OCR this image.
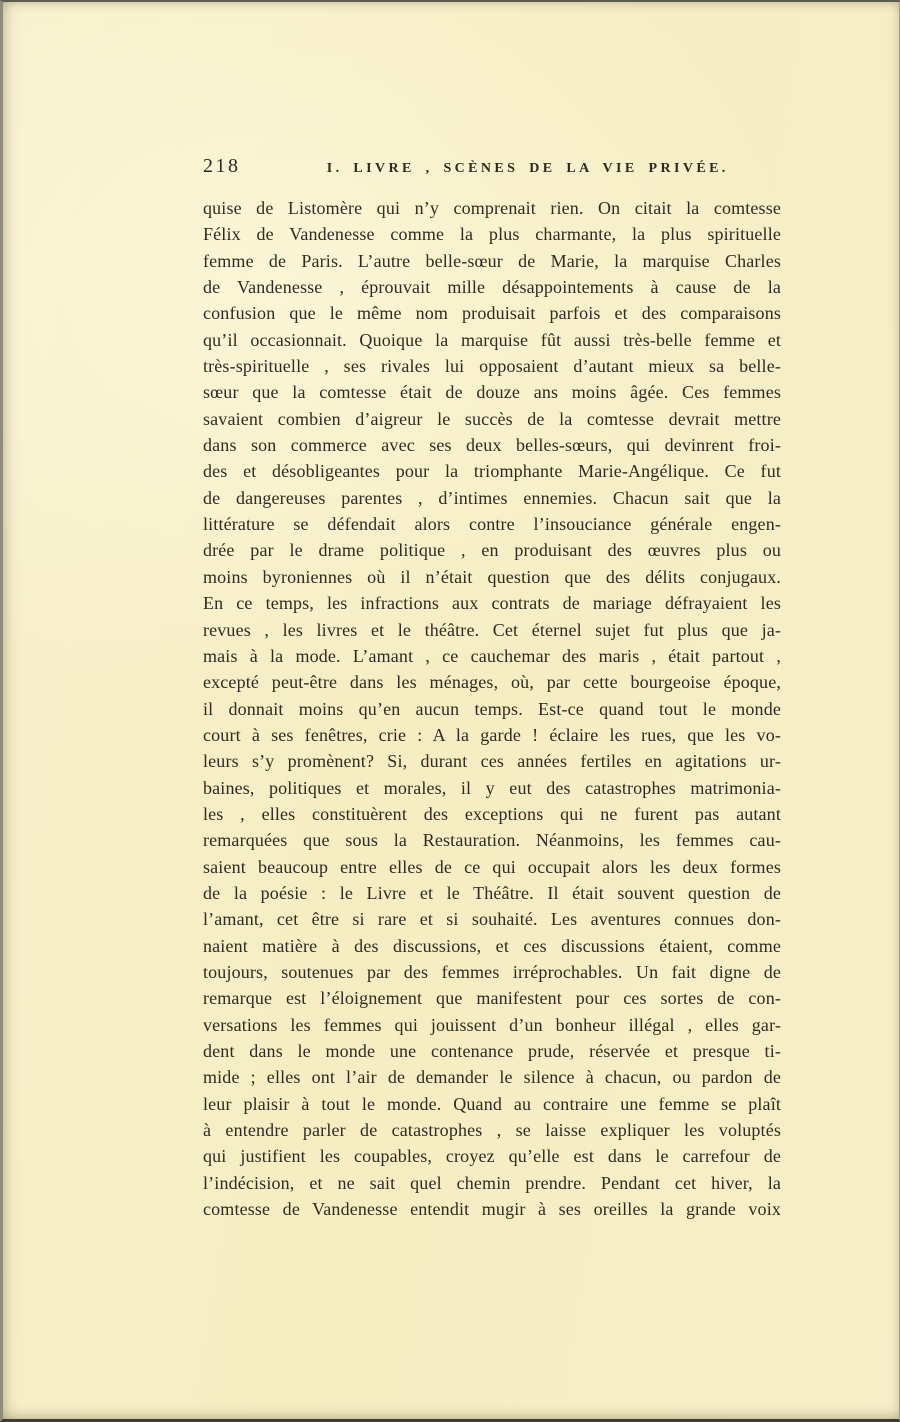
218	I. LIVRE , SCÈNES DE LA VIE PRIVÉE.
quise de Listomère qui n’y comprenait rien. On citait la comtesse
Félix de Vandenesse comme la plus charmante, la plus spirituelle
femme de Paris. L’autre belle-sœur de Marie, la marquise Charles
de Vandenesse , éprouvait mille désappointements à cause de la
confusion que le même nom produisait parfois et des comparaisons
qu’il occasionnait. Quoique la marquise fût aussi très-belle femme et
très-spirituelle , ses rivales lui opposaient d’autant mieux sa belle-
sœur que la comtesse était de douze ans moins âgée. Ces femmes
savaient combien d’aigreur le succès de la comtesse devrait mettre
dans son commerce avec ses deux belles-sœurs, qui devinrent froi-
des et désobligeantes pour la triomphante Marie-Angélique. Ce fut
de dangereuses parentes , d’intimes ennemies. Chacun sait que la
littérature se défendait alors contre l’insouciance générale engen-
drée par le drame politique , en produisant des œuvres plus ou
moins byroniennes où il n’était question que des délits conjugaux.
En ce temps, les infractions aux contrats de mariage défrayaient les
revues , les livres et le théâtre. Cet éternel sujet fut plus que ja-
mais à la mode. L’amant , ce cauchemar des maris , était partout ,
excepté peut-être dans les ménages, où, par cette bourgeoise époque,
il donnait moins qu’en aucun temps. Est-ce quand tout le monde
court à ses fenêtres, crie : A la garde ! éclaire les rues, que les vo-
leurs s’y promènent? Si, durant ces années fertiles en agitations ur-
baines, politiques et morales, il y eut des catastrophes matrimonia-
les , elles constituèrent des exceptions qui ne furent pas autant
remarquées que sous la Restauration. Néanmoins, les femmes cau-
saient beaucoup entre elles de ce qui occupait alors les deux formes
de la poésie : le Livre et le Théâtre. Il était souvent question de
l’amant, cet être si rare et si souhaité. Les aventures connues don-
naient matière à des discussions, et ces discussions étaient, comme
toujours, soutenues par des femmes irréprochables. Un fait digne de
remarque est l’éloignement que manifestent pour ces sortes de con-
versations les femmes qui jouissent d’un bonheur illégal , elles gar-
dent dans le monde une contenance prude, réservée et presque ti-
mide ; elles ont l’air de demander le silence à chacun, ou pardon de
leur plaisir à tout le monde. Quand au contraire une femme se plaît
à entendre parler de catastrophes , se laisse expliquer les voluptés
qui justifient les coupables, croyez qu’elle est dans le carrefour de
l’indécision, et ne sait quel chemin prendre. Pendant cet hiver, la
comtesse de Vandenesse entendit mugir à ses oreilles la grande voix
